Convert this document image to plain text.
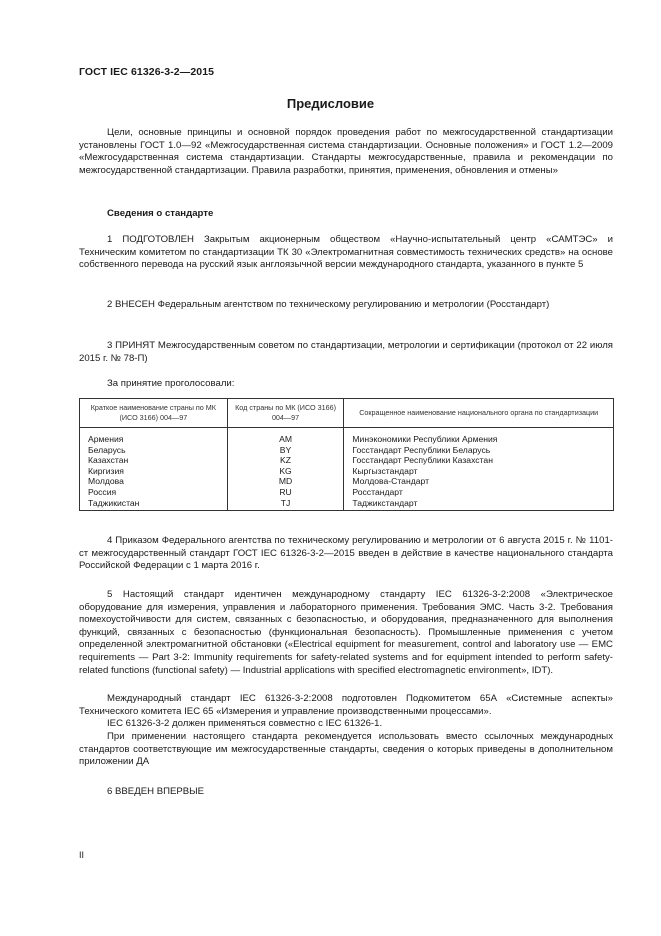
ГОСТ IEC 61326-3-2—2015
Предисловие
Цели, основные принципы и основной порядок проведения работ по межгосударственной стандартизации установлены ГОСТ 1.0—92 «Межгосударственная система стандартизации. Основные положения» и ГОСТ 1.2—2009 «Межгосударственная система стандартизации. Стандарты межгосударственные, правила и рекомендации по межгосударственной стандартизации. Правила разработки, принятия, применения, обновления и отмены»
Сведения о стандарте
1 ПОДГОТОВЛЕН Закрытым акционерным обществом «Научно-испытательный центр «САМТЭС» и Техническим комитетом по стандартизации ТК 30 «Электромагнитная совместимость технических средств» на основе собственного перевода на русский язык англоязычной версии международного стандарта, указанного в пункте 5
2 ВНЕСЕН Федеральным агентством по техническому регулированию и метрологии (Росстандарт)
3 ПРИНЯТ Межгосударственным советом по стандартизации, метрологии и сертификации (протокол от 22 июля 2015 г. № 78-П)
За принятие проголосовали:
Краткое наименование страны по МК (ИСО 3166) 004—97	Код страны по МК (ИСО 3166) 004—97	Сокращенное наименование национального органа по стандартизации
Армения	AM	Минэкономики Республики Армения
Беларусь	BY	Госстандарт Республики Беларусь
Казахстан	KZ	Госстандарт Республики Казахстан
Киргизия	KG	Кыргызстандарт
Молдова	MD	Молдова-Стандарт
Россия	RU	Росстандарт
Таджикистан	TJ	Таджикстандарт
4 Приказом Федерального агентства по техническому регулированию и метрологии от 6 августа 2015 г. № 1101-ст межгосударственный стандарт ГОСТ IEC 61326-3-2—2015 введен в действие в качестве национального стандарта Российской Федерации с 1 марта 2016 г.
5 Настоящий стандарт идентичен международному стандарту IEC 61326-3-2:2008 «Электрическое оборудование для измерения, управления и лабораторного применения. Требования ЭМС. Часть 3-2. Требования помехоустойчивости для систем, связанных с безопасностью, и оборудования, предназначенного для выполнения функций, связанных с безопасностью (функциональная безопасность). Промышленные применения с учетом определенной электромагнитной обстановки («Electrical equipment for measurement, control and laboratory use — EMC requirements — Part 3-2: Immunity requirements for safety-related systems and for equipment intended to perform safety-related functions (functional safety) — Industrial applications with specified electromagnetic environment», IDT).
Международный стандарт IEC 61326-3-2:2008 подготовлен Подкомитетом 65А «Системные аспекты» Технического комитета IEC 65 «Измерения и управление производственными процессами».
IEC 61326-3-2 должен применяться совместно с IEC 61326-1.
При применении настоящего стандарта рекомендуется использовать вместо ссылочных международных стандартов соответствующие им межгосударственные стандарты, сведения о которых приведены в дополнительном приложении ДА
6 ВВЕДЕН ВПЕРВЫЕ
II
